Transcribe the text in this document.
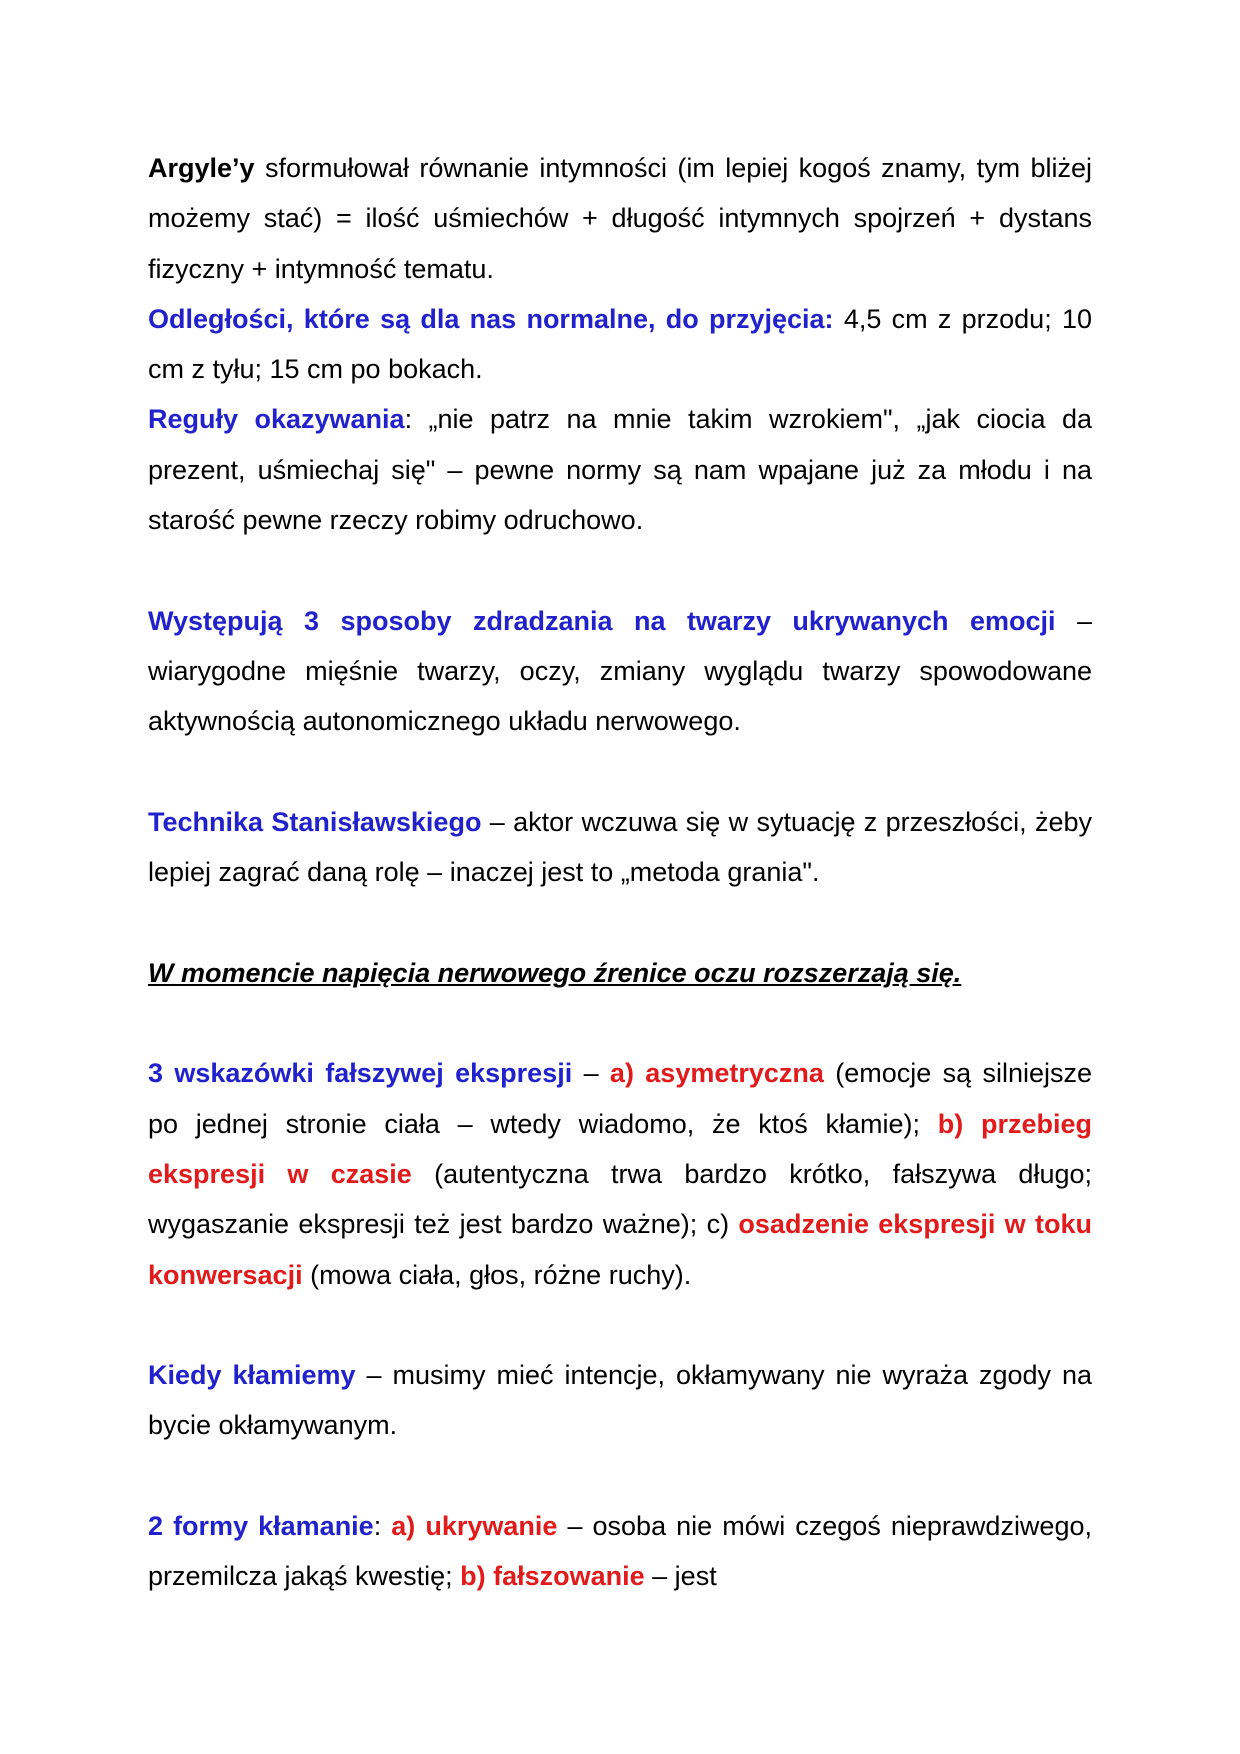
Argyle’y sformułował równanie intymności (im lepiej kogoś znamy, tym bliżej możemy stać) = ilość uśmiechów + długość intymnych spojrzeń + dystans fizyczny + intymność tematu.

Odległości, które są dla nas normalne, do przyjęcia: 4,5 cm z przodu; 10 cm z tyłu; 15 cm po bokach.

Reguły okazywania: „nie patrz na mnie takim wzrokiem", „jak ciocia da prezent, uśmiechaj się" – pewne normy są nam wpajane już za młodu i na starość pewne rzeczy robimy odruchowo.

Występują 3 sposoby zdradzania na twarzy ukrywanych emocji – wiarygodne mięśnie twarzy, oczy, zmiany wyglądu twarzy spowodowane aktywnością autonomicznego układu nerwowego.

Technika Stanisławskiego – aktor wczuwa się w sytuację z przeszłości, żeby lepiej zagrać daną rolę – inaczej jest to „metoda grania".

W momencie napięcia nerwowego źrenice oczu rozszerzają się.

3 wskazówki fałszywej ekspresji – a) asymetryczna (emocje są silniejsze po jednej stronie ciała – wtedy wiadomo, że ktoś kłamie); b) przebieg ekspresji w czasie (autentyczna trwa bardzo krótko, fałszywa długo; wygaszanie ekspresji też jest bardzo ważne); c) osadzenie ekspresji w toku konwersacji (mowa ciała, głos, różne ruchy).

Kiedy kłamiemy – musimy mieć intencje, okłamywany nie wyraża zgody na bycie okłamywanym.

2 formy kłamanie: a) ukrywanie – osoba nie mówi czegoś nieprawdziwego, przemilcza jakąś kwestię; b) fałszowanie – jest
